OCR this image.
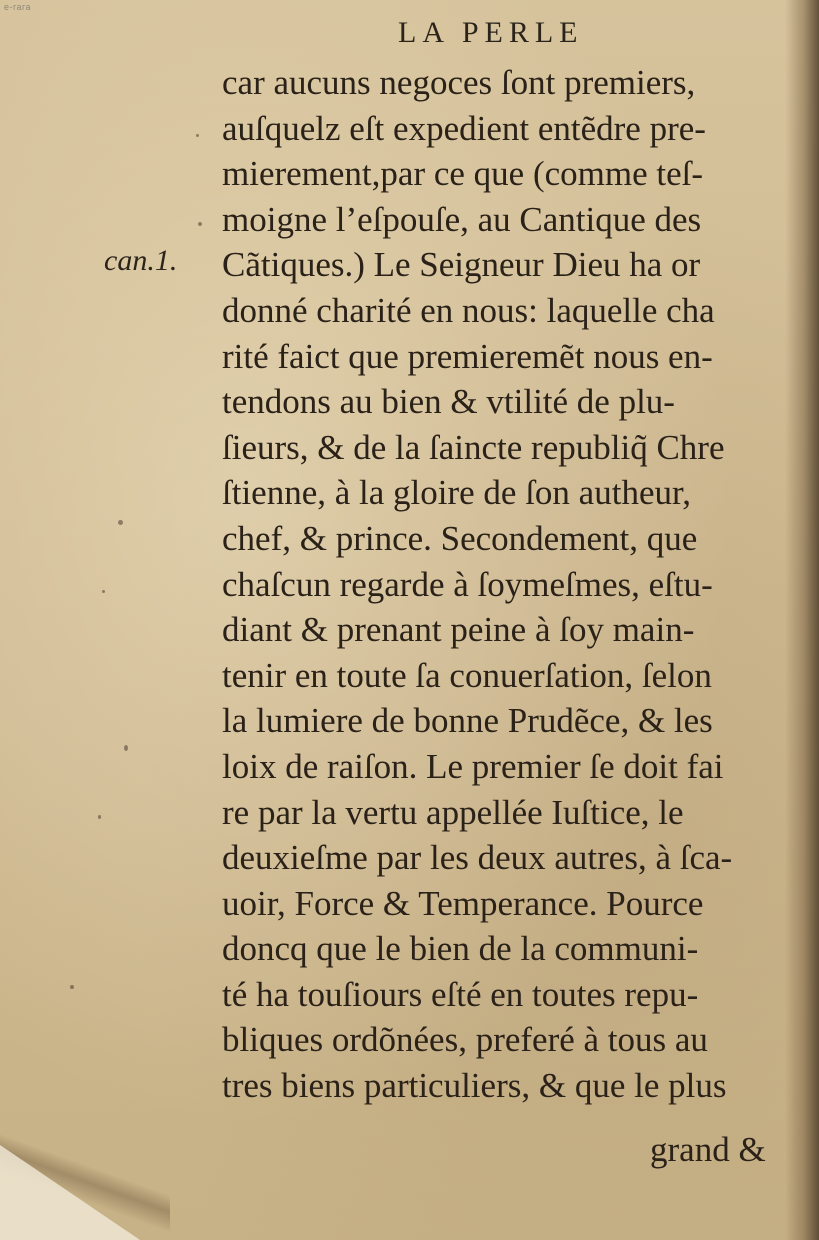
e-rara
LA PERLE
can.1.
car aucuns negoces ſont premiers,
auſquelz eſt expedient entẽdre pre-
mierement,par ce que (comme teſ-
moigne l’eſpouſe, au Cantique des
Cãtiques.) Le Seigneur Dieu ha or
donné charité en nous: laquelle cha
rité faict que premieremẽt nous en-
tendons au bien & vtilité de plu-
ſieurs, & de la ſaincte republiq̃ Chre
ſtienne, à la gloire de ſon autheur,
chef, & prince. Secondement, que
chaſcun regarde à ſoymeſmes, eſtu-
diant & prenant peine à ſoy main-
tenir en toute ſa conuerſation, ſelon
la lumiere de bonne Prudẽce, & les
loix de raiſon. Le premier ſe doit fai
re par la vertu appellée Iuſtice, le
deuxieſme par les deux autres, à ſca-
uoir, Force & Temperance. Pource
doncq que le bien de la communi-
té ha touſiours eſté en toutes repu-
bliques ordõnées, preferé à tous au
tres biens particuliers, & que le plus
grand &
